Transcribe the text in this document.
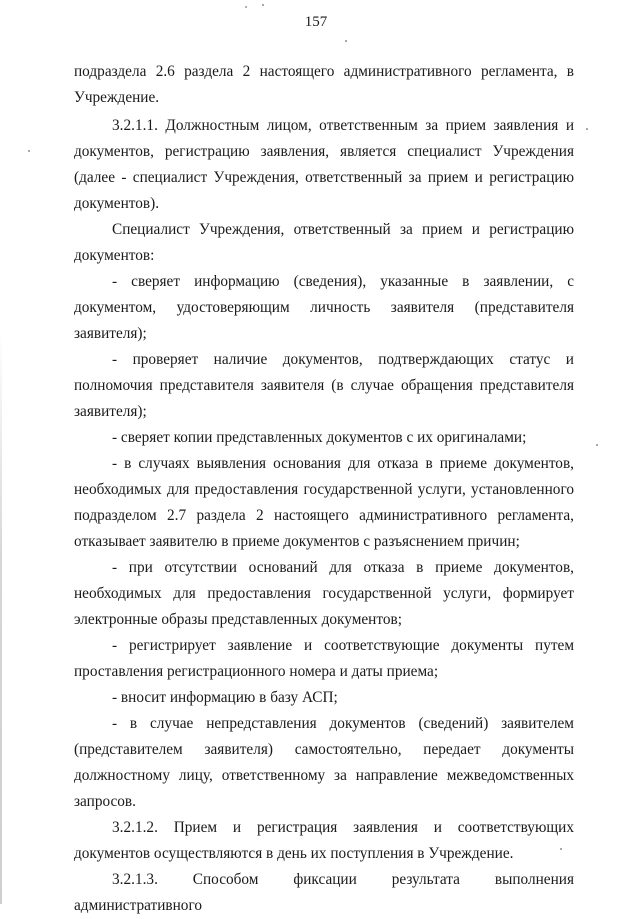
157

подраздела 2.6 раздела 2 настоящего административного регламента, в Учреждение.

3.2.1.1. Должностным лицом, ответственным за прием заявления и документов, регистрацию заявления, является специалист Учреждения (далее - специалист Учреждения, ответственный за прием и регистрацию документов).

Специалист Учреждения, ответственный за прием и регистрацию документов:

- сверяет информацию (сведения), указанные в заявлении, с документом, удостоверяющим личность заявителя (представителя заявителя);

- проверяет наличие документов, подтверждающих статус и полномочия представителя заявителя (в случае обращения представителя заявителя);

- сверяет копии представленных документов с их оригиналами;

- в случаях выявления основания для отказа в приеме документов, необходимых для предоставления государственной услуги, установленного подразделом 2.7 раздела 2 настоящего административного регламента, отказывает заявителю в приеме документов с разъяснением причин;

- при отсутствии оснований для отказа в приеме документов, необходимых для предоставления государственной услуги, формирует электронные образы представленных документов;

- регистрирует заявление и соответствующие документы путем проставления регистрационного номера и даты приема;

- вносит информацию в базу АСП;

- в случае непредставления документов (сведений) заявителем (представителем заявителя) самостоятельно, передает документы должностному лицу, ответственному за направление межведомственных запросов.

3.2.1.2. Прием и регистрация заявления и соответствующих документов осуществляются в день их поступления в Учреждение.

3.2.1.3. Способом фиксации результата выполнения административного
